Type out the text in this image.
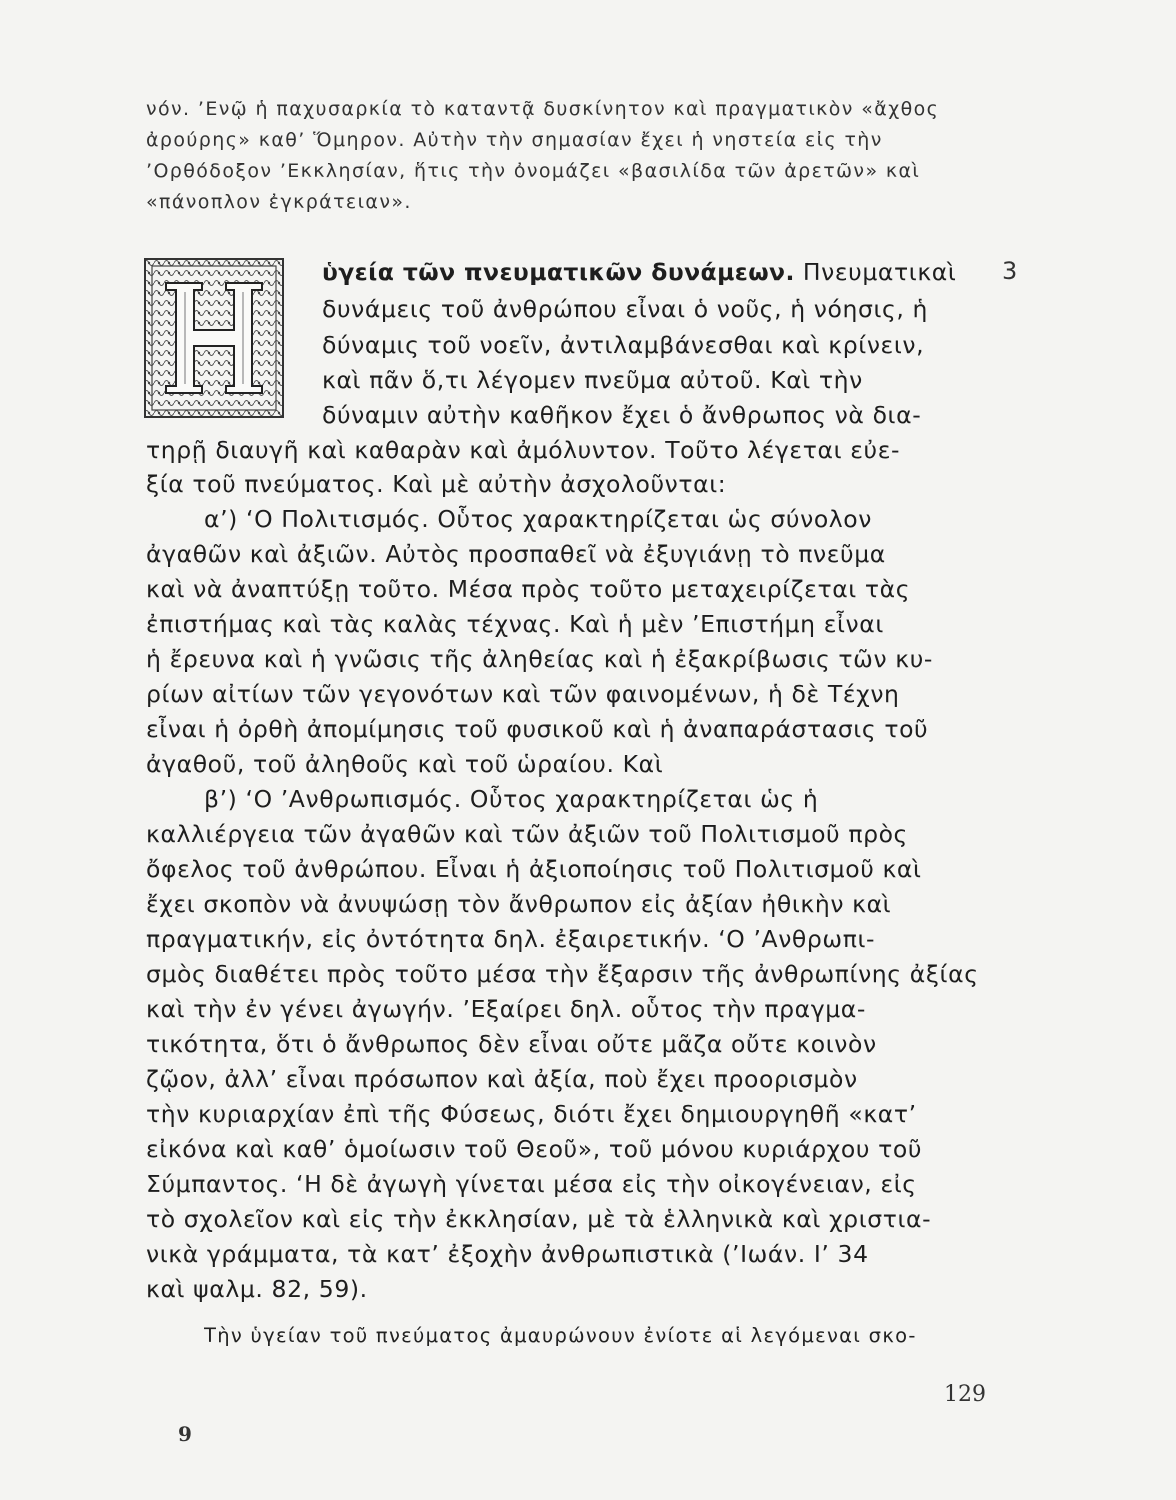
νόν. ’Ενῷ ἡ παχυσαρκία τὸ καταντᾷ δυσκίνητον καὶ πραγματικὸν «ἄχθος
ἀρούρης» καθ’ Ὅμηρον. Αὐτὴν τὴν σημασίαν ἔχει ἡ νηστεία εἰς τὴν
’Ορθόδοξον ’Εκκλησίαν, ἥτις τὴν ὀνομάζει «βασιλίδα τῶν ἀρετῶν» καὶ
«πάνοπλον ἐγκράτειαν».
Η
ὑγεία τῶν πνευματικῶν δυνάμεων. Πνευματικαὶ	3
δυνάμεις τοῦ ἀνθρώπου εἶναι ὁ νοῦς, ἡ νόησις, ἡ
δύναμις τοῦ νοεῖν, ἀντιλαμβάνεσθαι καὶ κρίνειν,
καὶ πᾶν ὅ,τι λέγομεν πνεῦμα αὐτοῦ. Καὶ τὴν
δύναμιν αὐτὴν καθῆκον ἔχει ὁ ἄνθρωπος νὰ δια-
τηρῇ διαυγῆ καὶ καθαρὰν καὶ ἀμόλυντον. Τοῦτο λέγεται εὐε-
ξία τοῦ πνεύματος. Καὶ μὲ αὐτὴν ἀσχολοῦνται:
α’) ‘Ο Πολιτισμός. Οὗτος χαρακτηρίζεται ὡς σύνολον
ἀγαθῶν καὶ ἀξιῶν. Αὐτὸς προσπαθεῖ νὰ ἐξυγιάνῃ τὸ πνεῦμα
καὶ νὰ ἀναπτύξῃ τοῦτο. Μέσα πρὸς τοῦτο μεταχειρίζεται τὰς
ἐπιστήμας καὶ τὰς καλὰς τέχνας. Καὶ ἡ μὲν ’Επιστήμη εἶναι
ἡ ἔρευνα καὶ ἡ γνῶσις τῆς ἀληθείας καὶ ἡ ἐξακρίβωσις τῶν κυ-
ρίων αἰτίων τῶν γεγονότων καὶ τῶν φαινομένων, ἡ δὲ Τέχνη
εἶναι ἡ ὀρθὴ ἀπομίμησις τοῦ φυσικοῦ καὶ ἡ ἀναπαράστασις τοῦ
ἀγαθοῦ, τοῦ ἀληθοῦς καὶ τοῦ ὡραίου. Καὶ
β’) ‘Ο ’Ανθρωπισμός. Οὗτος χαρακτηρίζεται ὡς ἡ
καλλιέργεια τῶν ἀγαθῶν καὶ τῶν ἀξιῶν τοῦ Πολιτισμοῦ πρὸς
ὄφελος τοῦ ἀνθρώπου. Εἶναι ἡ ἀξιοποίησις τοῦ Πολιτισμοῦ καὶ
ἔχει σκοπὸν νὰ ἀνυψώσῃ τὸν ἄνθρωπον εἰς ἀξίαν ἠθικὴν καὶ
πραγματικήν, εἰς ὀντότητα δηλ. ἐξαιρετικήν. ‘Ο ’Ανθρωπι-
σμὸς διαθέτει πρὸς τοῦτο μέσα τὴν ἔξαρσιν τῆς ἀνθρωπίνης ἀξίας
καὶ τὴν ἐν γένει ἀγωγήν. ’Εξαίρει δηλ. οὗτος τὴν πραγμα-
τικότητα, ὅτι ὁ ἄνθρωπος δὲν εἶναι οὔτε μᾶζα οὔτε κοινὸν
ζῷον, ἀλλ’ εἶναι πρόσωπον καὶ ἀξία, ποὺ ἔχει προορισμὸν
τὴν κυριαρχίαν ἐπὶ τῆς Φύσεως, διότι ἔχει δημιουργηθῆ «κατ’
εἰκόνα καὶ καθ’ ὁμοίωσιν τοῦ Θεοῦ», τοῦ μόνου κυριάρχου τοῦ
Σύμπαντος. ‘Η δὲ ἀγωγὴ γίνεται μέσα εἰς τὴν οἰκογένειαν, εἰς
τὸ σχολεῖον καὶ εἰς τὴν ἐκκλησίαν, μὲ τὰ ἑλληνικὰ καὶ χριστια-
νικὰ γράμματα, τὰ κατ’ ἐξοχὴν ἀνθρωπιστικὰ (’Ιωάν. Ι’ 34
καὶ ψαλμ. 82, 59).
Τὴν ὑγείαν τοῦ πνεύματος ἀμαυρώνουν ἐνίοτε αἱ λεγόμεναι σκο-
129
9
